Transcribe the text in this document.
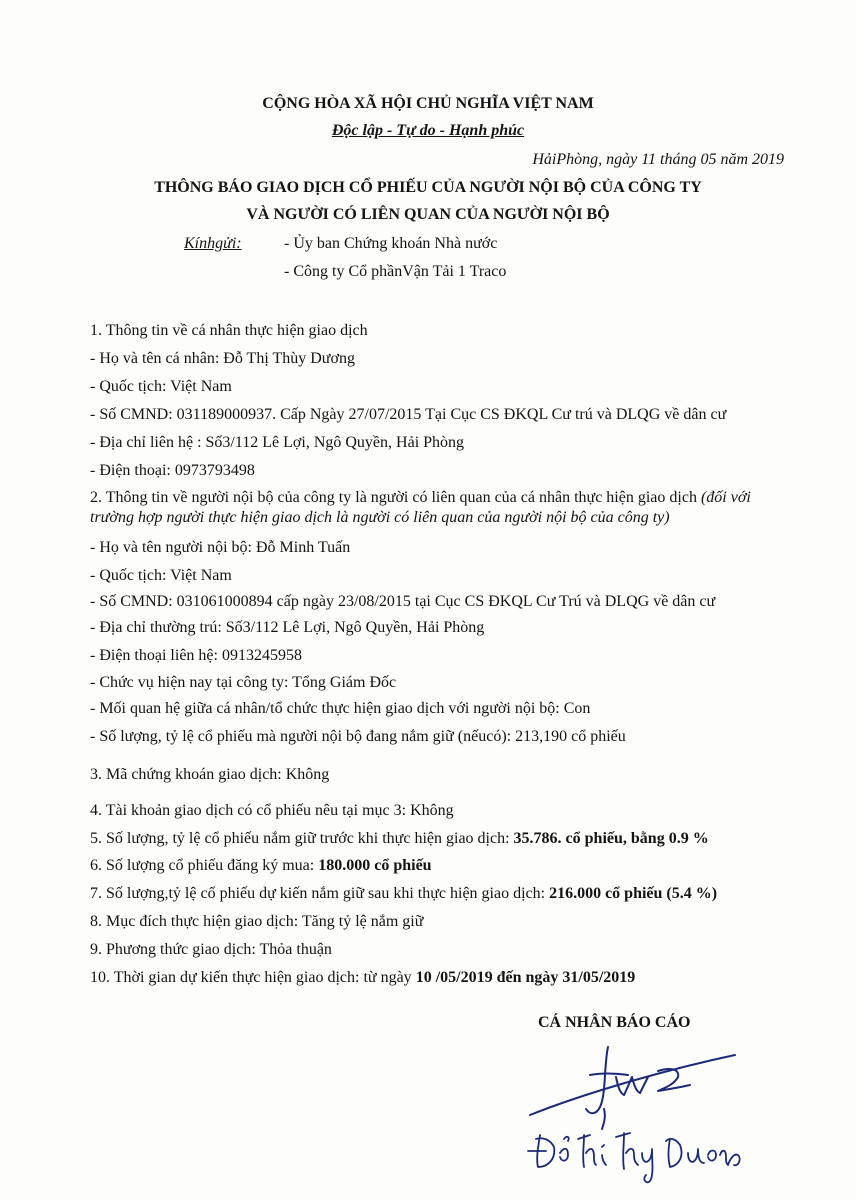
CỘNG HÒA XÃ HỘI CHỦ NGHĨA VIỆT NAM
Độc lập - Tự do - Hạnh phúc
HảiPhòng, ngày 11 tháng 05 năm 2019
THÔNG BÁO GIAO DỊCH CỔ PHIẾU CỦA NGƯỜI NỘI BỘ CỦA CÔNG TY
VÀ NGƯỜI CÓ LIÊN QUAN CỦA NGƯỜI NỘI BỘ
Kínhgửi:	- Ủy ban Chứng khoán Nhà nước
- Công ty Cổ phầnVận Tải 1 Traco
1. Thông tin về cá nhân thực hiện giao dịch
- Họ và tên cá nhân: Đỗ Thị Thùy Dương
- Quốc tịch: Việt Nam
- Số CMND: 031189000937. Cấp Ngày 27/07/2015 Tại Cục CS ĐKQL Cư trú và DLQG về dân cư
- Địa chỉ liên hệ : Số3/112 Lê Lợi, Ngô Quyền, Hải Phòng
- Điện thoại: 0973793498
2. Thông tin về người nội bộ của công ty là người có liên quan của cá nhân thực hiện giao dịch (đối với
trường hợp người thực hiện giao dịch là người có liên quan của người nội bộ của công ty)
- Họ và tên người nội bộ: Đỗ Minh Tuấn
- Quốc tịch: Việt Nam
- Số CMND: 031061000894 cấp ngày 23/08/2015 tại Cục CS ĐKQL Cư Trú và DLQG về dân cư
- Địa chỉ thường trú: Số3/112 Lê Lợi, Ngô Quyền, Hải Phòng
- Điện thoại liên hệ: 0913245958
- Chức vụ hiện nay tại công ty: Tổng Giám Đốc
- Mối quan hệ giữa cá nhân/tổ chức thực hiện giao dịch với người nội bộ: Con
- Số lượng, tỷ lệ cổ phiếu mà người nội bộ đang nắm giữ (nếucó): 213,190 cổ phiếu
3. Mã chứng khoán giao dịch: Không
4. Tài khoản giao dịch có cổ phiếu nêu tại mục 3: Không
5. Số lượng, tỷ lệ cổ phiếu nắm giữ trước khi thực hiện giao dịch: 35.786. cổ phiếu, bằng 0.9 %
6. Số lượng cổ phiếu đăng ký mua: 180.000 cổ phiếu
7. Số lượng,tỷ lệ cổ phiếu dự kiến nắm giữ sau khi thực hiện giao dịch: 216.000 cổ phiếu (5.4 %)
8. Mục đích thực hiện giao dịch: Tăng tỷ lệ nắm giữ
9. Phương thức giao dịch: Thỏa thuận
10. Thời gian dự kiến thực hiện giao dịch: từ ngày 10 /05/2019 đến ngày 31/05/2019
CÁ NHÂN BÁO CÁO
